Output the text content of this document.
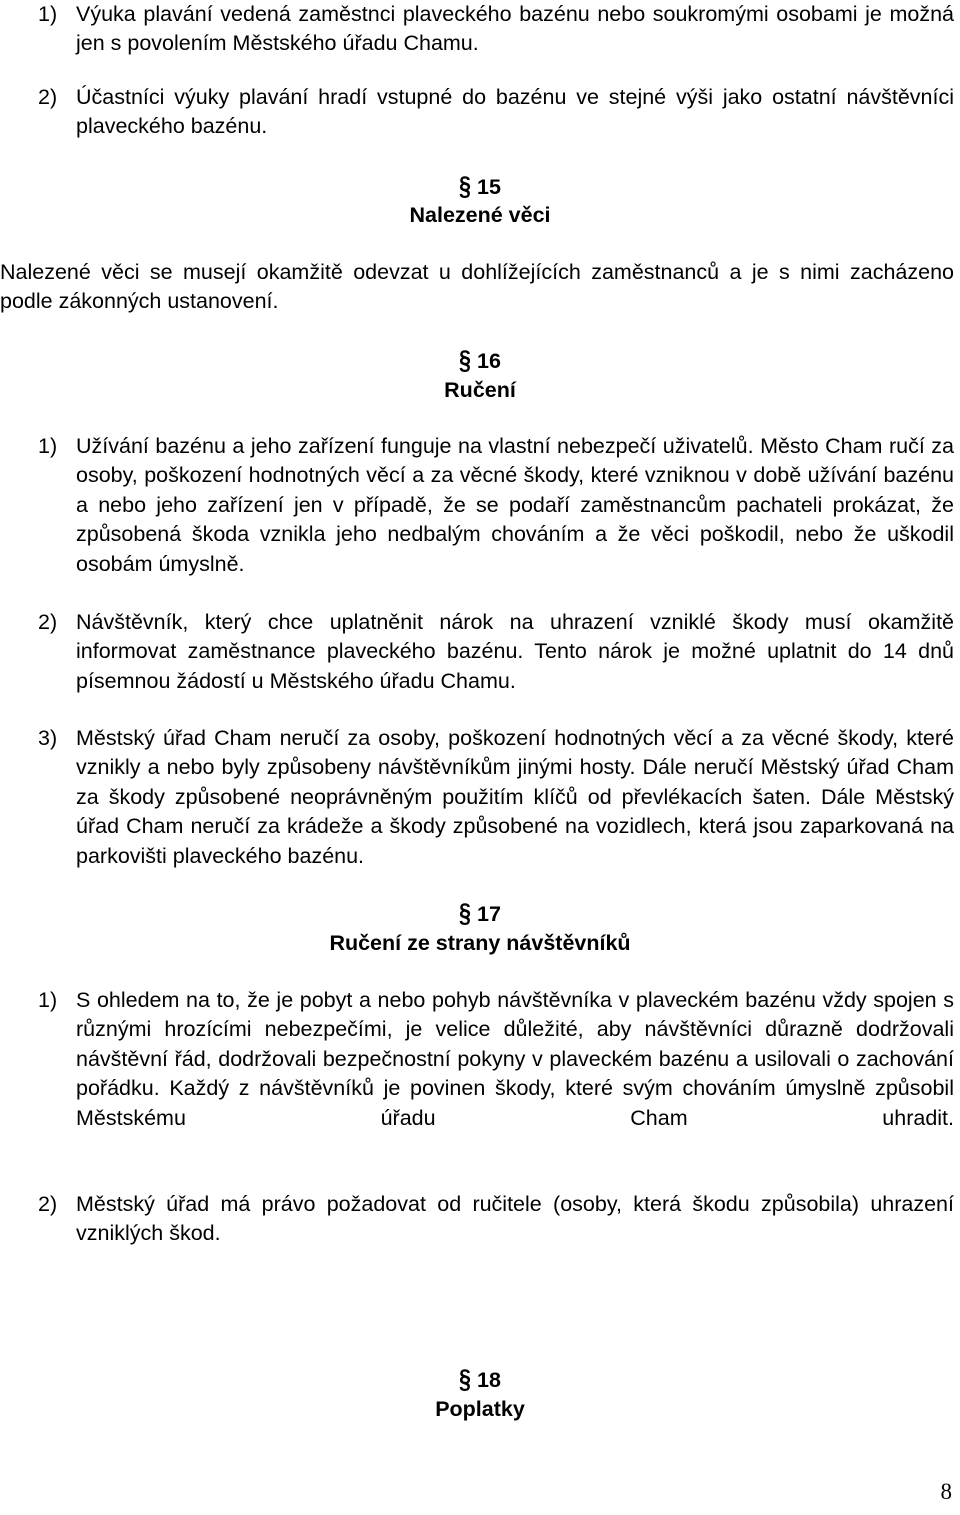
1) Výuka plavání vedená zaměstnci plaveckého bazénu nebo soukromými osobami je možná jen s povolením Městského úřadu Chamu.
2) Účastníci výuky plavání hradí vstupné do bazénu ve stejné výši jako ostatní návštěvníci plaveckého bazénu.
§ 15
Nalezené věci
Nalezené věci se musejí okamžitě odevzat u dohlížejících zaměstnanců a je s nimi zacházeno podle zákonných ustanovení.
§ 16
Ručení
1) Užívání bazénu a jeho zařízení funguje na vlastní nebezpečí uživatelů. Město Cham ručí za osoby, poškození hodnotných věcí a za věcné škody, které vzniknou v době užívání bazénu a nebo jeho zařízení jen v případě, že se podaří zaměstnancům pachateli prokázat, že způsobená škoda vznikla jeho nedbalým chováním a že věci poškodil, nebo že uškodil osobám úmyslně.
2) Návštěvník, který chce uplatněnit nárok na uhrazení vzniklé škody musí okamžitě informovat zaměstnance plaveckého bazénu. Tento nárok je možné uplatnit do 14 dnů písemnou žádostí u Městského úřadu Chamu.
3) Městský úřad Cham neručí za osoby, poškození hodnotných věcí a za věcné škody, které vznikly a nebo byly způsobeny návštěvníkům jinými hosty. Dále neručí Městský úřad Cham za škody způsobené neoprávněným použitím klíčů od převlékacích šaten. Dále Městský úřad Cham neručí za krádeže a škody způsobené na vozidlech, která jsou zaparkovaná na parkovišti plaveckého bazénu.
§ 17
Ručení ze strany návštěvníků
1) S ohledem na to, že je pobyt a nebo pohyb návštěvníka v plaveckém bazénu vždy spojen s různými hrozícími nebezpečími, je velice důležité, aby návštěvníci důrazně dodržovali návštěvní řád, dodržovali bezpečnostní pokyny v plaveckém bazénu a usilovali o zachování pořádku. Každý z návštěvníků je povinen škody, které svým chováním úmyslně způsobil Městskému úřadu Cham uhradit.
2) Městský úřad má právo požadovat od ručitele (osoby, která škodu způsobila) uhrazení vzniklých škod.
§ 18
Poplatky
8
